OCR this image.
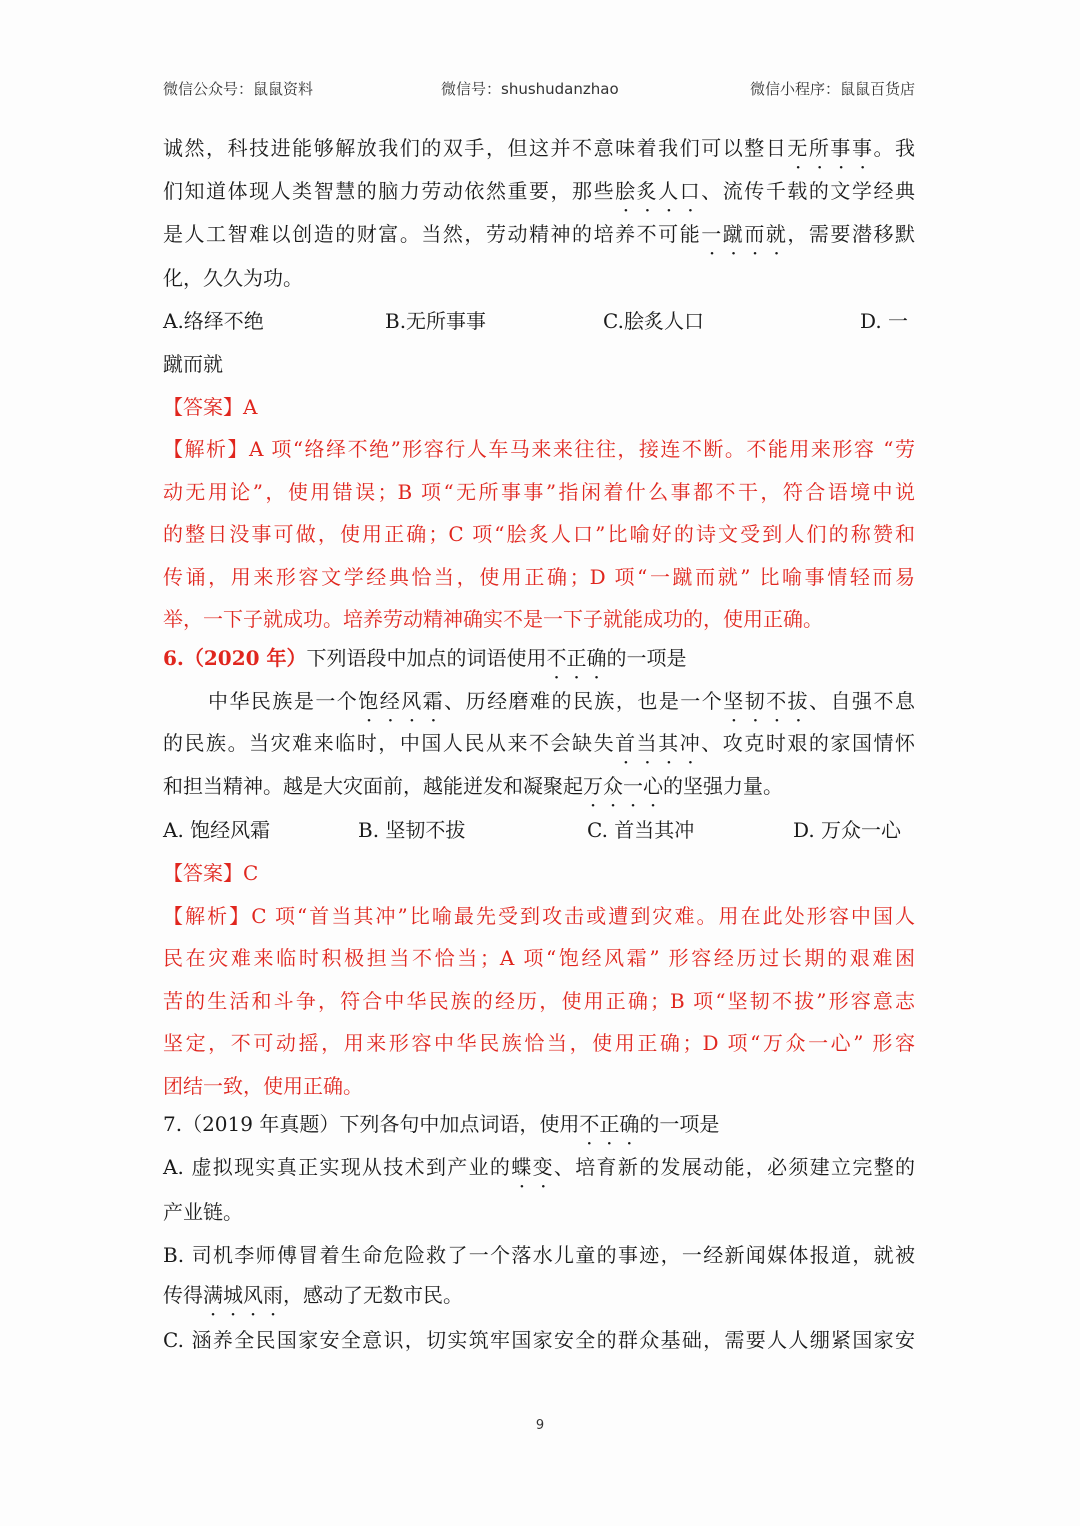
微信公众号：鼠鼠资料	微信号：shushudanzhao	微信小程序：鼠鼠百货店
诚然，科技进能够解放我们的双手，但这并不意味着我们可以整日无所事事。我
们知道体现人类智慧的脑力劳动依然重要，那些脍炙人口、流传千载的文学经典
是人工智难以创造的财富。当然，劳动精神的培养不可能一蹴而就，需要潜移默
化，久久为功。
A.络绎不绝	B.无所事事	C.脍炙人口	D. 一
蹴而就
【答案】A
【解析】A 项“络绎不绝”形容行人车马来来往往，接连不断。不能用来形容 “劳
动无用论”，使用错误；B 项“无所事事”指闲着什么事都不干，符合语境中说
的整日没事可做，使用正确；C 项“脍炙人口”比喻好的诗文受到人们的称赞和
传诵，用来形容文学经典恰当，使用正确；D 项“一蹴而就” 比喻事情轻而易
举，一下子就成功。培养劳动精神确实不是一下子就能成功的，使用正确。
6.（2020 年）下列语段中加点的词语使用不正确的一项是
中华民族是一个饱经风霜、历经磨难的民族，也是一个坚韧不拔、自强不息
的民族。当灾难来临时，中国人民从来不会缺失首当其冲、攻克时艰的家国情怀
和担当精神。越是大灾面前，越能迸发和凝聚起万众一心的坚强力量。
A. 饱经风霜	B. 坚韧不拔	C. 首当其冲	D. 万众一心
【答案】C
【解析】C 项“首当其冲”比喻最先受到攻击或遭到灾难。用在此处形容中国人
民在灾难来临时积极担当不恰当；A 项“饱经风霜” 形容经历过长期的艰难困
苦的生活和斗争，符合中华民族的经历，使用正确；B 项“坚韧不拔”形容意志
坚定，不可动摇，用来形容中华民族恰当，使用正确；D 项“万众一心” 形容
团结一致，使用正确。
7.（2019 年真题）下列各句中加点词语，使用不正确的一项是
A. 虚拟现实真正实现从技术到产业的蝶变、培育新的发展动能，必须建立完整的
产业链。
B. 司机李师傅冒着生命危险救了一个落水儿童的事迹，一经新闻媒体报道，就被
传得满城风雨，感动了无数市民。
C. 涵养全民国家安全意识，切实筑牢国家安全的群众基础，需要人人绷紧国家安
9
